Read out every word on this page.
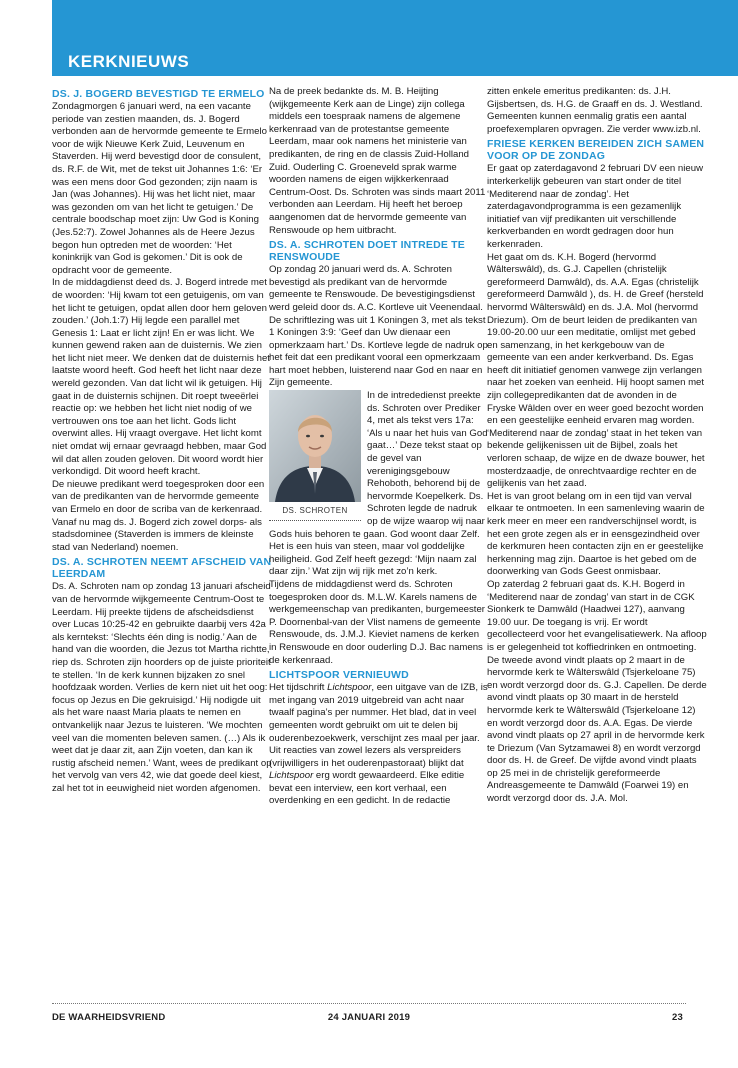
KERKNIEUWS
DS. J. BOGERD BEVESTIGD TE ERMELO

Zondagmorgen 6 januari werd, na een vacante periode van zestien maanden, ds. J. Bogerd verbonden aan de hervormde gemeente te Ermelo voor de wijk Nieuwe Kerk Zuid, Leuvenum en Staverden. Hij werd bevestigd door de consulent, ds. R.F. de Wit, met de tekst uit Johannes 1:6: ‘Er was een mens door God gezonden; zijn naam is Jan (was Johannes). Hij was het licht niet, maar was gezonden om van het licht te getuigen.’ De centrale boodschap moet zijn: Uw God is Koning (Jes.52:7). Zowel Johannes als de Heere Jezus begon hun optreden met de woorden: ‘Het koninkrijk van God is gekomen.’ Dit is ook de opdracht voor de gemeente.

In de middagdienst deed ds. J. Bogerd intrede met de woorden: ‘Hij kwam tot een getuigenis, om van het licht te getuigen, opdat allen door hem geloven zouden.’ (Joh.1:7) Hij legde een parallel met Genesis 1: Laat er licht zijn! En er was licht. We kunnen gewend raken aan de duisternis. We zien het licht niet meer. We denken dat de duisternis het laatste woord heeft. God heeft het licht naar deze wereld gezonden. Van dat licht wil ik getuigen. Hij gaat in de duisternis schijnen. Dit roept tweeërlei reactie op: we hebben het licht niet nodig of we vertrouwen ons toe aan het licht. Gods licht overwint alles. Hij vraagt overgave. Het licht komt niet omdat wij ernaar gevraagd hebben, maar God wil dat allen zouden geloven. Dit woord wordt hier verkondigd. Dit woord heeft kracht.

De nieuwe predikant werd toegesproken door een van de predikanten van de hervormde gemeente van Ermelo en door de scriba van de kerkenraad.

Vanaf nu mag ds. J. Bogerd zich zowel dorps- als stadsdominee (Staverden is immers de kleinste stad van Nederland) noemen.

DS. A. SCHROTEN NEEMT AFSCHEID VAN LEERDAM

Ds. A. Schroten nam op zondag 13 januari afscheid van de hervormde wijkgemeente Centrum-Oost te Leerdam. Hij preekte tijdens de afscheidsdienst over Lucas 10:25-42 en gebruikte daarbij vers 42a als kerntekst: ‘Slechts één ding is nodig.’ Aan de hand van die woorden, die Jezus tot Martha richtte, riep ds. Schroten zijn hoorders op de juiste prioriteit te stellen. ‘In de kerk kunnen bijzaken zo snel hoofdzaak worden. Verlies de kern niet uit het oog: focus op Jezus en Die gekruisigd.’ Hij nodigde uit als het ware naast Maria plaats te nemen en ontvankelijk naar Jezus te luisteren. ‘We mochten veel van die momenten beleven samen. (…) Als ik weet dat je daar zit, aan Zijn voeten, dan kan ik rustig afscheid nemen.’ Want, wees de predikant op het vervolg van vers 42, wie dat goede deel kiest, zal het tot in eeuwigheid niet worden afgenomen.

Na de preek bedankte ds. M. B. Heijting (wijkgemeente Kerk aan de Linge) zijn collega middels een toespraak namens de algemene kerkenraad van de protestantse gemeente Leerdam, maar ook namens het ministerie van predikanten, de ring en de classis Zuid-Holland Zuid. Ouderling C. Groeneveld sprak warme woorden namens de eigen wijkkerkenraad Centrum-Oost. Ds. Schroten was sinds maart 2011 verbonden aan Leerdam. Hij heeft het beroep aangenomen dat de hervormde gemeente van Renswoude op hem uitbracht.

DS. A. SCHROTEN DOET INTREDE TE RENSWOUDE

Op zondag 20 januari werd ds. A. Schroten bevestigd als predikant van de hervormde gemeente te Renswoude. De bevestigingsdienst werd geleid door ds. A.C. Kortleve uit Veenendaal. De schriftlezing was uit 1 Koningen 3, met als tekst 1 Koningen 3:9: ‘Geef dan Uw dienaar een opmerkzaam hart.’ Ds. Kortleve legde de nadruk op het feit dat een predikant vooral een opmerkzaam hart moet hebben, luisterend naar God en naar en Zijn gemeente.

DS. SCHROTEN

In de intrededienst preekte ds. Schroten over Prediker 4, met als tekst vers 17a: ‘Als u naar het huis van God gaat…’ Deze tekst staat op de gevel van verenigingsgebouw Rehoboth, behorend bij de hervormde Koepelkerk. Ds. Schroten legde de nadruk op de wijze waarop wij naar Gods huis behoren te gaan. God woont daar Zelf. Het is een huis van steen, maar vol goddelijke heiligheid. God Zelf heeft gezegd: ‘Mijn naam zal daar zijn.’ Wat zijn wij rijk met zo’n kerk.

Tijdens de middagdienst werd ds. Schroten toegesproken door ds. M.L.W. Karels namens de werkgemeenschap van predikanten, burgemeester P. Doornenbal-van der Vlist namens de gemeente Renswoude, ds. J.M.J. Kieviet namens de kerken in Renswoude en door ouderling D.J. Bac namens de kerkenraad.

LICHTSPOOR VERNIEUWD

Het tijdschrift Lichtspoor, een uitgave van de IZB, is met ingang van 2019 uitgebreid van acht naar twaalf pagina’s per nummer. Het blad, dat in veel gemeenten wordt gebruikt om uit te delen bij ouderenbezoekwerk, verschijnt zes maal per jaar. Uit reacties van zowel lezers als verspreiders (vrijwilligers in het ouderenpastoraat) blijkt dat Lichtspoor erg wordt gewaardeerd. Elke editie bevat een interview, een kort verhaal, een overdenking en een gedicht. In de redactie

zitten enkele emeritus predikanten: ds. J.H. Gijsbertsen, ds. H.G. de Graaff en ds. J. Westland. Gemeenten kunnen eenmalig gratis een aantal proefexemplaren opvragen. Zie verder www.izb.nl.

FRIESE KERKEN BEREIDEN ZICH SAMEN VOOR OP DE ZONDAG

Er gaat op zaterdagavond 2 februari DV een nieuw interkerkelijk gebeuren van start onder de titel ‘Mediterend naar de zondag’. Het zaterdagavondprogramma is een gezamenlijk initiatief van vijf predikanten uit verschillende kerkverbanden en wordt gedragen door hun kerkenraden.

Het gaat om ds. K.H. Bogerd (hervormd Wâlterswâld), ds. G.J. Capellen (christelijk gereformeerd Damwâld), ds. A.A. Egas (christelijk gereformeerd Damwâld ), ds. H. de Greef (hersteld hervormd Wâlterswâld) en ds. J.A. Mol (hervormd Driezum). Om de beurt leiden de predikanten van 19.00-20.00 uur een meditatie, omlijst met gebed en samenzang, in het kerkgebouw van de gemeente van een ander kerkverband. Ds. Egas heeft dit initiatief genomen vanwege zijn verlangen naar het zoeken van eenheid. Hij hoopt samen met zijn collegepredikanten dat de avonden in de Fryske Wâlden over en weer goed bezocht worden en een geestelijke eenheid ervaren mag worden. ‘Mediterend naar de zondag’ staat in het teken van bekende gelijkenissen uit de Bijbel, zoals het verloren schaap, de wijze en de dwaze bouwer, het mosterdzaadje, de onrechtvaardige rechter en de gelijkenis van het zaad.

Het is van groot belang om in een tijd van verval elkaar te ontmoeten. In een samenleving waarin de kerk meer en meer een randverschijnsel wordt, is het een grote zegen als er in eensgezindheid over de kerkmuren heen contacten zijn en er geestelijke herkenning mag zijn. Daartoe is het gebed om de doorwerking van Gods Geest onmisbaar.

Op zaterdag 2 februari gaat ds. K.H. Bogerd in ‘Mediterend naar de zondag’ van start in de CGK Sionkerk te Damwâld (Haadwei 127), aanvang 19.00 uur. De toegang is vrij. Er wordt gecollecteerd voor het evangelisatiewerk. Na afloop is er gelegenheid tot koffiedrinken en ontmoeting. De tweede avond vindt plaats op 2 maart in de hervormde kerk te Wâlterswâld (Tsjerkeloane 75) en wordt verzorgd door ds. G.J. Capellen. De derde avond vindt plaats op 30 maart in de hersteld hervormde kerk te Wâlterswâld (Tsjerkeloane 12) en wordt verzorgd door ds. A.A. Egas. De vierde avond vindt plaats op 27 april in de hervormde kerk te Driezum (Van Sytzamawei 8) en wordt verzorgd door ds. H. de Greef. De vijfde avond vindt plaats op 25 mei in de christelijk gereformeerde Andreasgemeente te Damwâld (Foarwei 19) en wordt verzorgd door ds. J.A. Mol.

DE WAARHEIDSVRIEND	24 JANUARI 2019	23
